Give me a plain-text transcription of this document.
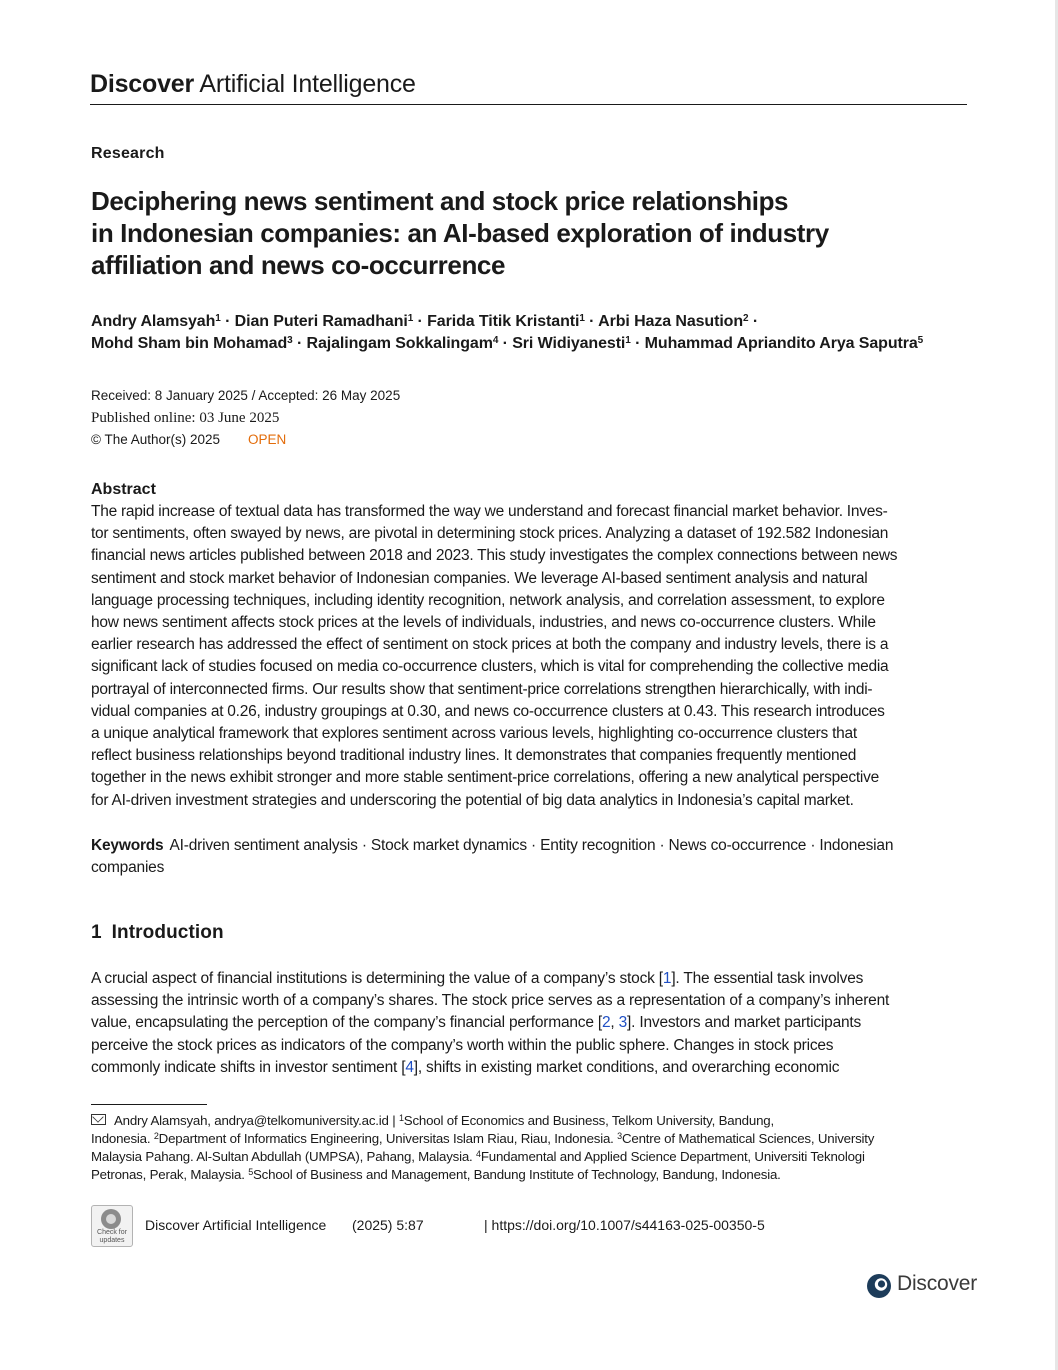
Discover Artificial Intelligence
Research
Deciphering news sentiment and stock price relationships
in Indonesian companies: an AI-based exploration of industry
affiliation and news co-occurrence
Andry Alamsyah$^1$ · Dian Puteri Ramadhani$^1$ · Farida Titik Kristanti$^1$ · Arbi Haza Nasution$^2$ ·
Mohd Sham bin Mohamad$^3$ · Rajalingam Sokkalingam$^4$ · Sri Widiyanesti$^1$ · Muhammad Apriandito Arya Saputra$^5$
Received: 8 January 2025 / Accepted: 26 May 2025
Published online: 03 June 2025
© The Author(s) 2025 OPEN
Abstract
The rapid increase of textual data has transformed the way we understand and forecast financial market behavior. Inves-
tor sentiments, often swayed by news, are pivotal in determining stock prices. Analyzing a dataset of 192.582 Indonesian
financial news articles published between 2018 and 2023. This study investigates the complex connections between news
sentiment and stock market behavior of Indonesian companies. We leverage AI-based sentiment analysis and natural
language processing techniques, including identity recognition, network analysis, and correlation assessment, to explore
how news sentiment affects stock prices at the levels of individuals, industries, and news co-occurrence clusters. While
earlier research has addressed the effect of sentiment on stock prices at both the company and industry levels, there is a
significant lack of studies focused on media co-occurrence clusters, which is vital for comprehending the collective media
portrayal of interconnected firms. Our results show that sentiment-price correlations strengthen hierarchically, with indi-
vidual companies at 0.26, industry groupings at 0.30, and news co-occurrence clusters at 0.43. This research introduces
a unique analytical framework that explores sentiment across various levels, highlighting co-occurrence clusters that
reflect business relationships beyond traditional industry lines. It demonstrates that companies frequently mentioned
together in the news exhibit stronger and more stable sentiment-price correlations, offering a new analytical perspective
for AI-driven investment strategies and underscoring the potential of big data analytics in Indonesia’s capital market.
Keywords AI-driven sentiment analysis · Stock market dynamics · Entity recognition · News co-occurrence · Indonesian
companies
1 Introduction
A crucial aspect of financial institutions is determining the value of a company’s stock [1]. The essential task involves
assessing the intrinsic worth of a company’s shares. The stock price serves as a representation of a company’s inherent
value, encapsulating the perception of the company’s financial performance [2, 3]. Investors and market participants
perceive the stock prices as indicators of the company’s worth within the public sphere. Changes in stock prices
commonly indicate shifts in investor sentiment [4], shifts in existing market conditions, and overarching economic
Andry Alamsyah, andrya@telkomuniversity.ac.id | $^1$School of Economics and Business, Telkom University, Bandung,
Indonesia. $^2$Department of Informatics Engineering, Universitas Islam Riau, Riau, Indonesia. $^3$Centre of Mathematical Sciences, University
Malaysia Pahang. Al-Sultan Abdullah (UMPSA), Pahang, Malaysia. $^4$Fundamental and Applied Science Department, Universiti Teknologi
Petronas, Perak, Malaysia. $^5$School of Business and Management, Bandung Institute of Technology, Bandung, Indonesia.
Check for
updates
Discover Artificial Intelligence (2025) 5:87	| https://doi.org/10.1007/s44163-025-00350-5
Discover
